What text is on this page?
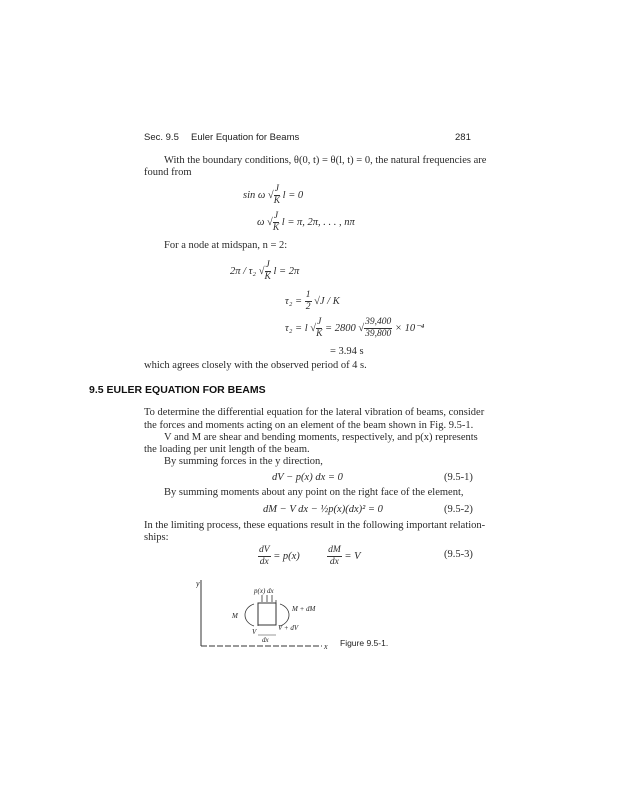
Sec. 9.5 Euler Equation for Beams	281
With the boundary conditions, θ(0, t) = θ(l, t) = 0, the natural frequencies are
found from
sin ω √ $\frac{J}{K}$ l = 0
ω √ $\frac{J}{K}$ l = π, 2π, . . . , nπ
For a node at midspan, n = 2:
2π / τ₂ √ $\frac{J}{K}$ l = 2π
$\tau_2 = \frac{1}{2} √J / K$
τ₂ = l √ $\frac{J}{K} = 2800$ √ $\frac{39,400}{39,800} \times 10^{-4}$
= 3.94 s
which agrees closely with the observed period of 4 s.
9.5 EULER EQUATION FOR BEAMS
To determine the differential equation for the lateral vibration of beams, consider
the forces and moments acting on an element of the beam shown in Fig. 9.5-1.
V and M are shear and bending moments, respectively, and p(x) represents
the loading per unit length of the beam.
By summing forces in the y direction,
dV − p(x) dx = 0	(9.5-1)
By summing moments about any point on the right face of the element,
dM − V dx − ½p(x)(dx)² = 0	(9.5-2)
In the limiting process, these equations result in the following important relation-
ships:
$\frac{dV}{dx} = p(x)$	$\frac{dM}{dx} = V$	(9.5-3)
y
x
p(x) dx
M
M + dM
V	V + dV
dx	Figure 9.5-1.
